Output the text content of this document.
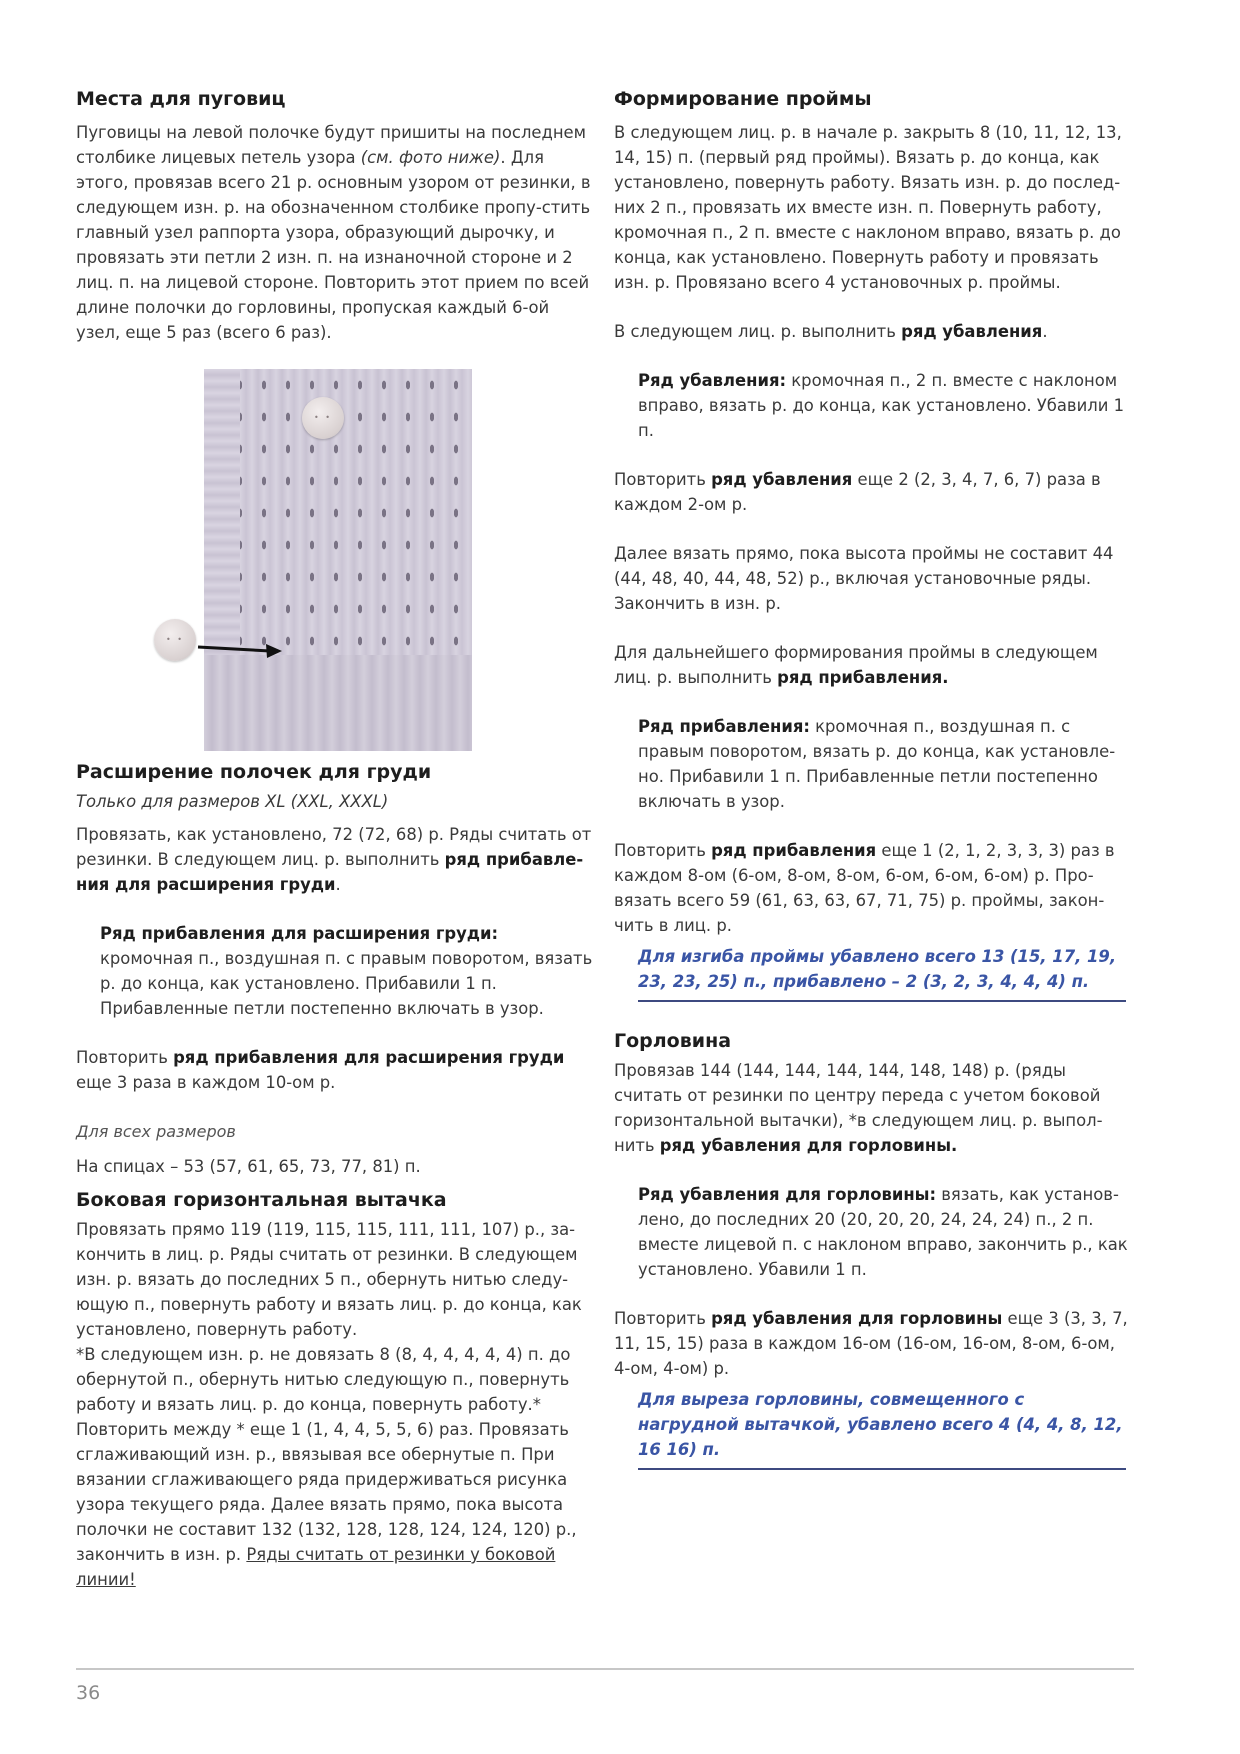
Места для пуговиц

Пуговицы на левой полочке будут пришиты на последнем столбике лицевых петель узора (см. фото ниже). Для этого, провязав всего 21 р. основным узором от резинки, в следующем изн. р. на обозначенном столбике пропу-стить главный узел раппорта узора, образующий дырочку, и провязать эти петли 2 изн. п. на изнаночной стороне и 2 лиц. п. на лицевой стороне. Повторить этот прием по всей длине полочки до горловины, пропуская каждый 6-ой узел, еще 5 раз (всего 6 раз).

• •
• •
Расширение полочек для груди

Только для размеров XL (XXL, XXXL)

Провязать, как установлено, 72 (72, 68) р. Ряды считать от резинки. В следующем лиц. р. выполнить ряд прибавле-ния для расширения груди.

Ряд прибавления для расширения груди: кромочная п., воздушная п. с правым поворотом, вязать р. до конца, как установлено. Прибавили 1 п. Прибавленные петли постепенно включать в узор.

Повторить ряд прибавления для расширения груди еще 3 раза в каждом 10-ом р.

Для всех размеров

На спицах – 53 (57, 61, 65, 73, 77, 81) п.

Боковая горизонтальная вытачка

Провязать прямо 119 (119, 115, 115, 111, 111, 107) р., за-кончить в лиц. р. Ряды считать от резинки. В следующем изн. р. вязать до последних 5 п., обернуть нитью следу-ющую п., повернуть работу и вязать лиц. р. до конца, как установлено, повернуть работу.

*В следующем изн. р. не довязать 8 (8, 4, 4, 4, 4, 4) п. до обернутой п., обернуть нитью следующую п., повернуть работу и вязать лиц. р. до конца, повернуть работу.* Повторить между * еще 1 (1, 4, 4, 5, 5, 6) раз. Провязать сглаживающий изн. р., ввязывая все обернутые п. При вязании сглаживающего ряда придерживаться рисунка узора текущего ряда. Далее вязать прямо, пока высота полочки не составит 132 (132, 128, 128, 124, 124, 120) р., закончить в изн. р. Ряды считать от резинки у боковой линии!

Формирование проймы

В следующем лиц. р. в начале р. закрыть 8 (10, 11, 12, 13, 14, 15) п. (первый ряд проймы). Вязать р. до конца, как установлено, повернуть работу. Вязать изн. р. до послед-них 2 п., провязать их вместе изн. п. Повернуть работу, кромочная п., 2 п. вместе с наклоном вправо, вязать р. до конца, как установлено. Повернуть работу и провязать изн. р. Провязано всего 4 установочных р. проймы.

В следующем лиц. р. выполнить ряд убавления.

Ряд убавления: кромочная п., 2 п. вместе с наклоном вправо, вязать р. до конца, как установлено. Убавили 1 п.

Повторить ряд убавления еще 2 (2, 3, 4, 7, 6, 7) раза в каждом 2-ом р.

Далее вязать прямо, пока высота проймы не составит 44 (44, 48, 40, 44, 48, 52) р., включая установочные ряды. Закончить в изн. р.

Для дальнейшего формирования проймы в следующем лиц. р. выполнить ряд прибавления.

Ряд прибавления: кромочная п., воздушная п. с правым поворотом, вязать р. до конца, как установле-но. Прибавили 1 п. Прибавленные петли постепенно включать в узор.

Повторить ряд прибавления еще 1 (2, 1, 2, 3, 3, 3) раз в каждом 8-ом (6-ом, 8-ом, 8-ом, 6-ом, 6-ом, 6-ом) р. Про-вязать всего 59 (61, 63, 63, 67, 71, 75) р. проймы, закон-чить в лиц. р.

Для изгиба проймы убавлено всего 13 (15, 17, 19, 23, 23, 25) п., прибавлено – 2 (3, 2, 3, 4, 4, 4) п.
Горловина

Провязав 144 (144, 144, 144, 144, 148, 148) р. (ряды считать от резинки по центру переда с учетом боковой горизонтальной вытачки), *в следующем лиц. р. выпол-нить ряд убавления для горловины.

Ряд убавления для горловины: вязать, как установ-лено, до последних 20 (20, 20, 20, 24, 24, 24) п., 2 п. вместе лицевой п. с наклоном вправо, закончить р., как установлено. Убавили 1 п.

Повторить ряд убавления для горловины еще 3 (3, 3, 7, 11, 15, 15) раза в каждом 16-ом (16-ом, 16-ом, 8-ом, 6-ом, 4-ом, 4-ом) р.

Для выреза горловины, совмещенного с нагрудной вытачкой, убавлено всего 4 (4, 4, 8, 12, 16 16) п.
36
